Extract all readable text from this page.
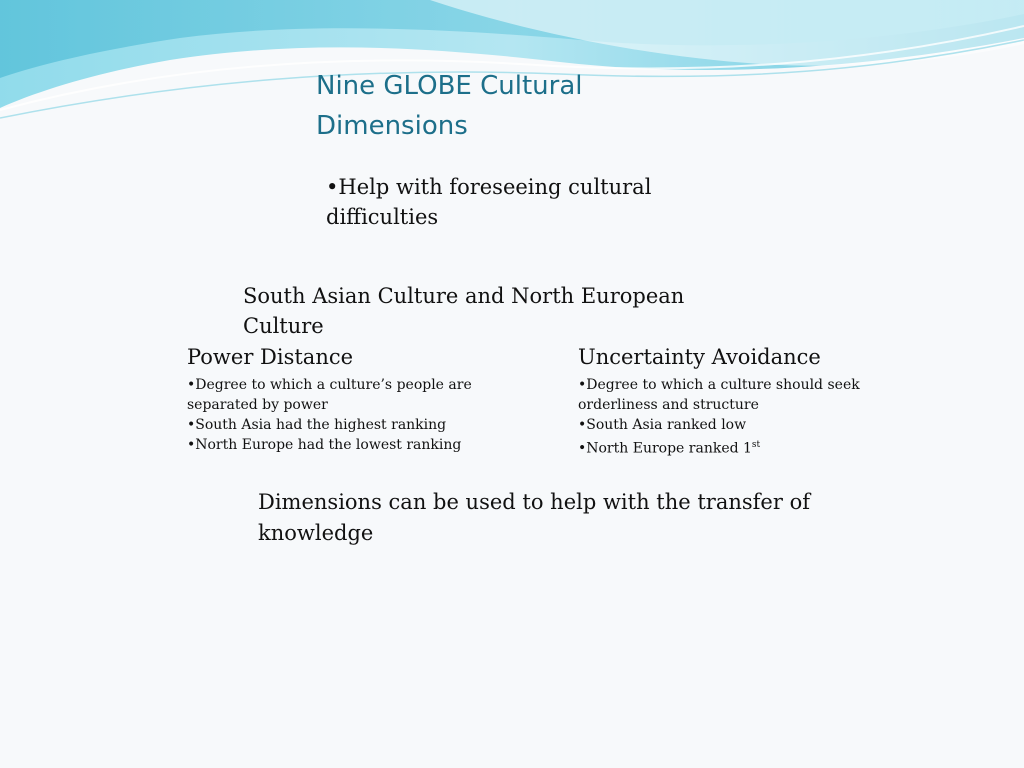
Nine GLOBE Cultural Dimensions

•Help with foreseeing cultural difficulties

South Asian Culture and North European Culture

Power Distance
•Degree to which a culture’s people are separated by power
•South Asia had the highest ranking
•North Europe had the lowest ranking
Uncertainty Avoidance
•Degree to which a culture should seek orderliness and structure
•South Asia ranked low
•North Europe ranked 1st

Dimensions can be used to help with the transfer of knowledge
